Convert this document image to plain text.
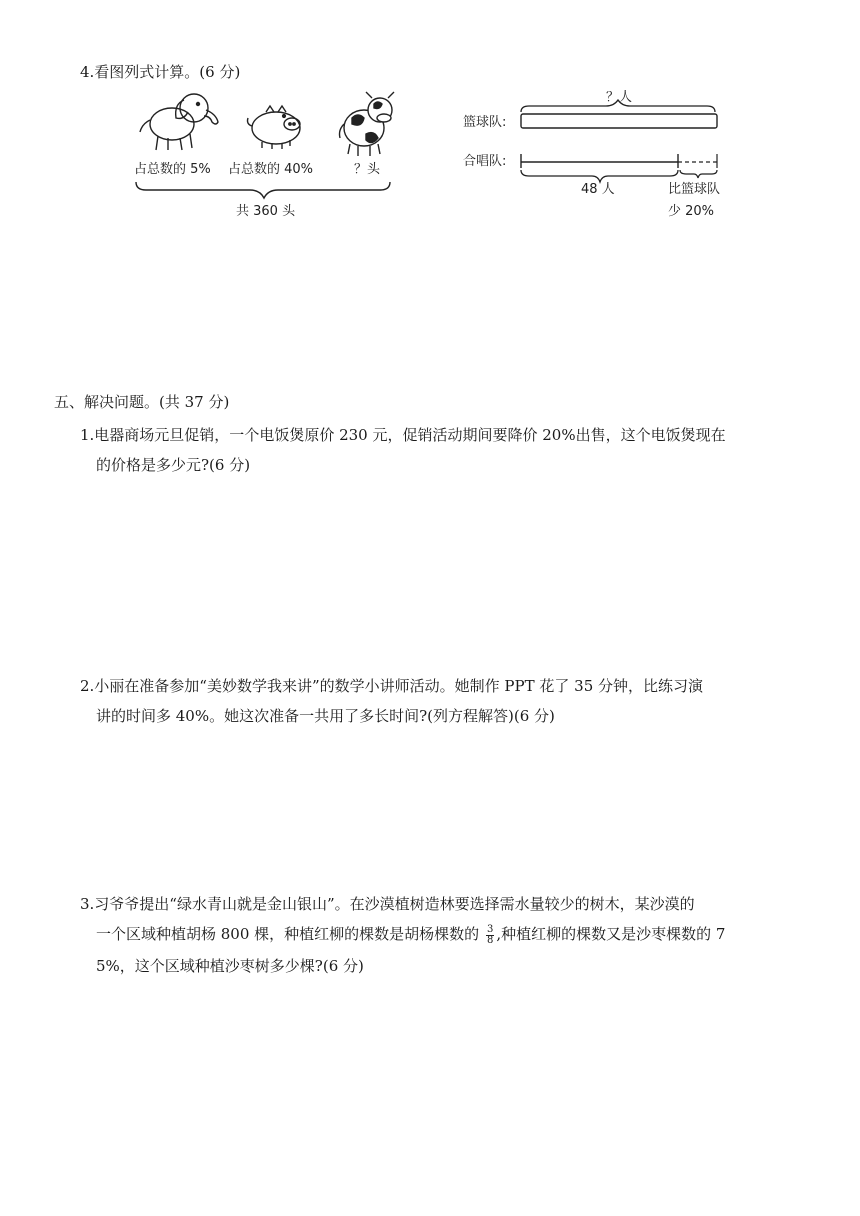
4.看图列式计算。(6 分)
占总数的 5% 占总数的 40%	？头
共 360 头
？人
篮球队:
合唱队:
48 人	比篮球队
少 20%
五、解决问题。(共 37 分)
1.电器商场元旦促销，一个电饭煲原价 230 元，促销活动期间要降价 20%出售，这个电饭煲现在
的价格是多少元?(6 分)
2.小丽在准备参加“美妙数学我来讲”的数学小讲师活动。她制作 PPT 花了 35 分钟，比练习演
讲的时间多 40%。她这次准备一共用了多长时间?(列方程解答)(6 分)
3.习爷爷提出“绿水青山就是金山银山”。在沙漠植树造林要选择需水量较少的树木，某沙漠的
一个区域种植胡杨 800 棵，种植红柳的棵数是胡杨棵数的 $\frac{3}{8}$ ,种植红柳的棵数又是沙枣棵数的 7
5%，这个区域种植沙枣树多少棵?(6 分)
